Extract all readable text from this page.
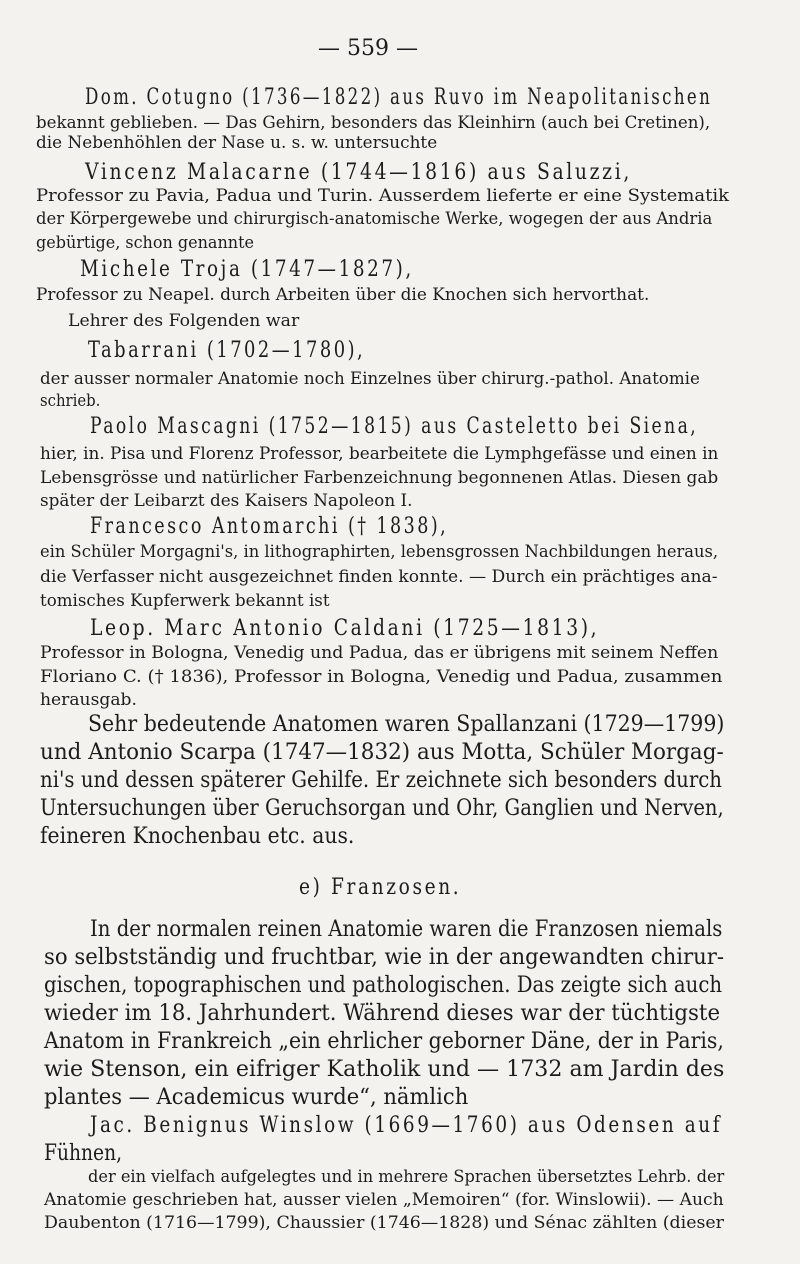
— 559 —
Dom. Cotugno (1736—1822) aus Ruvo im Neapolitanischen
bekannt geblieben. — Das Gehirn, besonders das Kleinhirn (auch bei Cretinen),
die Nebenhöhlen der Nase u. s. w. untersuchte
Vincenz Malacarne (1744—1816) aus Saluzzi,
Professor zu Pavia, Padua und Turin. Ausserdem lieferte er eine Systematik
der Körpergewebe und chirurgisch-anatomische Werke, wogegen der aus Andria
gebürtige, schon genannte
Michele Troja (1747—1827),
Professor zu Neapel. durch Arbeiten über die Knochen sich hervorthat.
Lehrer des Folgenden war
Tabarrani (1702—1780),
der ausser normaler Anatomie noch Einzelnes über chirurg.-pathol. Anatomie
schrieb.
Paolo Mascagni (1752—1815) aus Casteletto bei Siena,
hier, in. Pisa und Florenz Professor, bearbeitete die Lymphgefässe und einen in
Lebensgrösse und natürlicher Farbenzeichnung begonnenen Atlas. Diesen gab
später der Leibarzt des Kaisers Napoleon I.
Francesco Antomarchi († 1838),
ein Schüler Morgagni's, in lithographirten, lebensgrossen Nachbildungen heraus,
die Verfasser nicht ausgezeichnet finden konnte. — Durch ein prächtiges ana-
tomisches Kupferwerk bekannt ist
Leop. Marc Antonio Caldani (1725—1813),
Professor in Bologna, Venedig und Padua, das er übrigens mit seinem Neffen
Floriano C. († 1836), Professor in Bologna, Venedig und Padua, zusammen
herausgab.
Sehr bedeutende Anatomen waren Spallanzani (1729—1799)
und Antonio Scarpa (1747—1832) aus Motta, Schüler Morgag-
ni's und dessen späterer Gehilfe. Er zeichnete sich besonders durch
Untersuchungen über Geruchsorgan und Ohr, Ganglien und Nerven,
feineren Knochenbau etc. aus.
e) Franzosen.
In der normalen reinen Anatomie waren die Franzosen niemals
so selbstständig und fruchtbar, wie in der angewandten chirur-
gischen, topographischen und pathologischen. Das zeigte sich auch
wieder im 18. Jahrhundert. Während dieses war der tüchtigste
Anatom in Frankreich „ein ehrlicher geborner Däne, der in Paris,
wie Stenson, ein eifriger Katholik und — 1732 am Jardin des
plantes — Academicus wurde“, nämlich
Jac. Benignus Winslow (1669—1760) aus Odensen auf
Fühnen,
der ein vielfach aufgelegtes und in mehrere Sprachen übersetztes Lehrb. der
Anatomie geschrieben hat, ausser vielen „Memoiren“ (for. Winslowii). — Auch
Daubenton (1716—1799), Chaussier (1746—1828) und Sénac zählten (dieser
